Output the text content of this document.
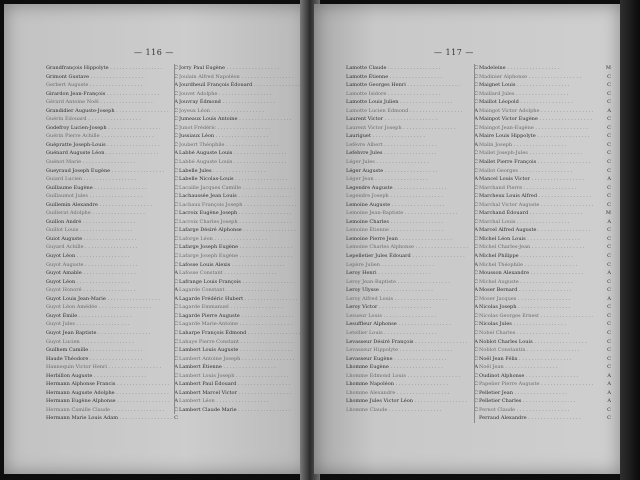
— 116 —
Grandfrançois Hippolyte . . .	C
Grimont Gustave . . .	C
Gerbert Auguste . . .	A
Girardon Jean-François . . .	C
Gérard Antoine Noël . . .	A
Grandidier Auguste-Joseph . . .	C
Guérin Édouard . . .	C
Godefroy Lucien-Joseph . . .	C
Guérin Pierre Achille . . .	C
Guèpratte Joseph-Louis . . .	C
Guénard Auguste Léon . . .	A
Guénot Marie . . .	C
Gueyraud Joseph Eugène . . .	C
Guiard Lucien . . .	C
Guillaume Eugène . . .	C
Guillaumot Jules . . .	C
Guillemin Alexandre . . .	C
Guillerat Adolphe . . .	C
Guillon André . . .	C
Guillot Louis . . .	C
Guiot Auguste . . .	C
Guyard Achille . . .	C
Guyot Léon . . .	C
Guyot Auguste . . .	C
Guyot Amable . . .	A
Guyot Léon . . .	C
Guyot Honoré . . .	A
Guyot Louis Jean-Marie . . .	A
Guyot Léon Amédée . . .	C
Guyot Émile . . .	C
Guyot Jules . . .	C
Guyot Jean Baptiste . . .	C
Guyot Lucien . . .	C
Guilhem Camille . . .	C
Haude Théodore . . .	C
Hannequin Victor Henri . . .	A
Herbillon Auguste . . .	C
Hermann Alphonse Francis . . .	A
Hermann Auguste Adolphe . . .	A
Hermann Eugène Alphonse . . .	A
Hermann Camille Claude . . .	C
Hermann Marie Louis Adam . . .	C
Jorry Paul Eugène . . .
Joulain Alfred Napoléon . . .
Jourdheuil François Édouard . . .
Jouvet Adolphe . . .
Jouvray Édmond . . .
Joyeux Léon . . .
Jumeaux Louis Antoine . . .
Junot Frédéric . . .
Jussiaux Léon . . .
Joubert Théophile . . .
Labbé Auguste Louis . . .
Labbé Auguste Louis . . .
Labelle Jules . . .
Labelle Nicolas-Louis . . .
Lacaille Jacques Camille . . .
Lachaussée Jean Louis . . .
Lachaux François Joseph . . .
Lacroix Eugène Joseph . . .
Lacroix Charles Joseph . . .
Lafarge Désiré Alphonse . . .
Laforge Léon . . .
Lafarge Joseph Eugène . . .
Lafarge Joseph Eugène . . .
Lafosse Louis Alexis . . .
Lafosse Constant . . .
Lafrange Louis François . . .
Lagarde Constant . . .
Lagarde Frédéric Hubert . . .
Lagarde Emmanuel . . .
Lagarde Pierre Auguste . . .
Lagarde Marie-Antoine . . .
Laharpe François Édmond . . .
Lahaye Pierre Constant . . .
Lambert Louis Auguste . . .
Lambert Antoine Joseph . . .
Lambert Étienne . . .
Lambert Louis Joseph . . .
Lambert Paul Édouard . . .
Lambert Marcel Victor . . .
Lambert Léon . . .
Lambert Claude Marie . . .
— 117 —
Lamotte Claude . . .	C
Lamotte Étienne . . .	C
Lamotte Georges Henri . . .	C
Lamotte Isidore . . .	C
Lamotte Louis Julien . . .	C
Lamotte Lucien Edmond . . .	A
Laurent Victor . . .	A
Laurent Victor Joseph . . .	C
Lauriguet . . .	A
Lefèvre Albert . . .	A
Lefebvre Jules . . .	C
Léger Jules . . .	C
Léger Auguste . . .	C
Léger Jean . . .	A
Legendre Auguste . . .	C
Legendre Joseph . . .	C
Lemoine Auguste . . .	C
Lemoine Jean-Baptiste . . .	C
Lemoine Charles . . .	C
Lemoine Étienne . . .	A
Lemoine Pierre Jean . . .	C
Lemoine Charles Alphonse . . .	C
Lepelletier Jules Édouard . . .	A
Lepère Julien . . .	A
Leroy Henri . . .	C
Leroy Jean-Baptiste . . .	C
Leroy Ulysse . . .	A
Leroy Alfred Louis . . .	C
Leroy Victor . . .	A
Lesueur Louis . . .	C
Lesuffleur Alphonse . . .	C
Letellier Louis . . .	C
Levasseur Désiré François . . .	A
Levasseur Hippolyte . . .	C
Levasseur Eugène . . .	C
Lhomme Eugène . . .	A
Lhomme Edmond Louis . . .	C
Lhomme Napoléon . . .	C
Lhomme Alexandre . . .	C
Lhomme Jules Victor Léon . . .	C
Lhomme Claude . . .	C
Madeleine . . .	M
Madinier Alphonse . . .	C
Maignet Louis . . .	C
Maillard Jules . . .	C
Maillot Léopold . . .	C
Maingot Victor Adolphe . . .	A
Mainpot Victor Eugène . . .	C
Maingot Jean-Eugène . . .	C
Maire Louis Hippolyte . . .	C
Malin Joseph . . .	C
Mallet Joseph-Jules . . .	C
Mallet Pierre François . . .	C
Mallot Georges . . .	C
Mancel Louis Victor . . .	A
Marchand Pierre . . .	C
Marcheux Louis Alfred . . .	C
Marchal Victor Auguste . . .	C
Marchand Édouard . . .	M
Marchal Louis . . .	A
Marcel Alfred Auguste . . .	C
Michel Léon Louis . . .	C
Michel Charles-Jean . . .	C
Michel Philippe . . .	C
Michel Théophile . . .	C
Mousson Alexandre . . .	A
Michel Auguste . . .	C
Moser Bernard . . .	C
Moser Jacques . . .	A
Nicolas Joseph . . .	C
Nicolas Georges Ernest . . .	C
Nicolas Jules . . .	C
Nobel Charles . . .	C
Noblot Charles Louis . . .	C
Noblot Constantin . . .	C
Noël Jean Félix . . .	C
Noël Jean . . .	C
Oudinot Alphonse . . .	A
Papelier Pierre Auguste . . .	A
Pelletier Jean . . .	A
Pelletier Charles . . .	A
Pernot Claude . . .	C
Perraud Alexandre . . .	C
